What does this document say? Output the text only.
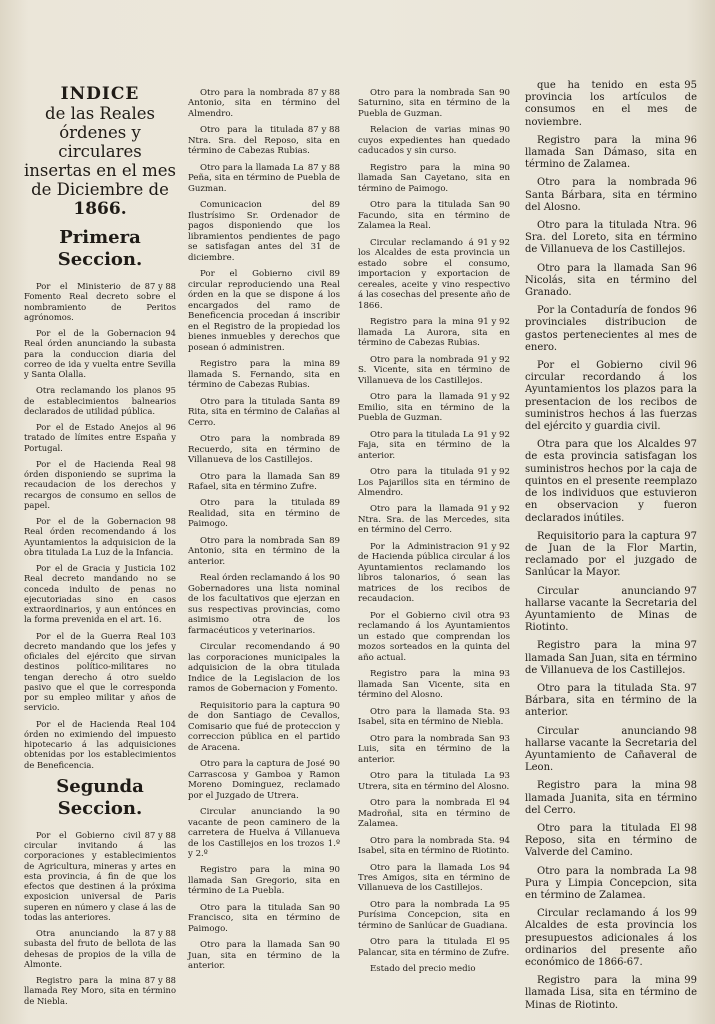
INDICE
de las Reales órdenes y circulares insertas en el mes de Diciembre de
1866.
Primera Seccion.
87 y 88
Por el Ministerio de Fomento Real decreto sobre el nombramiento de Peritos agrónomos.
94
Por el de la Gobernacion Real órden anunciando la subasta para la conduccion diaria del correo de ida y vuelta entre Sevilla y Santa Olalla.
95
Otra reclamando los planos de establecimientos balnearios declarados de utilidad pública.
96
Por el de Estado Anejos al tratado de límites entre España y Portugal.
98
Por el de Hacienda Real órden disponiendo se suprima la recaudacion de los derechos y recargos de consumo en sellos de papel.
98
Por el de la Gobernacion Real órden recomendando á los Ayuntamientos la adquisicion de la obra titulada La Luz de la Infancia.
102
Por el de Gracia y Justicia Real decreto mandando no se conceda indulto de penas no ejecutoriadas sino en casos extraordinarios, y aun entónces en la forma prevenida en el art. 16.
103
Por el de la Guerra Real decreto mandando que los jefes y oficiales del ejército que sirvan destinos político-militares no tengan derecho á otro sueldo pasivo que el que le corresponda por su empleo militar y años de servicio.
104
Por el de Hacienda Real órden no eximiendo del impuesto hipotecario á las adquisiciones obtenidas por los establecimientos de Beneficencia.
Segunda Seccion.
87 y 88
Por el Gobierno civil circular invitando á las corporaciones y establecimientos de Agricultura, mineras y artes en esta provincia, á fin de que los efectos que destinen á la próxima exposicion universal de Paris superen en número y clase á las de todas las anteriores.
87 y 88
Otra anunciando la subasta del fruto de bellota de las dehesas de propios de la villa de Almonte.
87 y 88
Registro para la mina llamada Rey Moro, sita en término de Niebla.
87 y 88
Otro para la nombrada Antonio, sita en término del Almendro.
87 y 88
Otro para la titulada Ntra. Sra. del Reposo, sita en término de Cabezas Rubias.
87 y 88
Otro para la llamada La Peña, sita en término de Puebla de Guzman.
89
Comunicacion del Ilustrísimo Sr. Ordenador de pagos disponiendo que los libramientos pendientes de pago se satisfagan antes del 31 de diciembre.
89
Por el Gobierno civil circular reproduciendo una Real órden en la que se dispone á los encargados del ramo de Beneficencia procedan á inscribir en el Registro de la propiedad los bienes inmuebles y derechos que posean ó administren.
89
Registro para la mina llamada S. Fernando, sita en término de Cabezas Rubias.
89
Otro para la titulada Santa Rita, sita en término de Calañas al Cerro.
89
Otro para la nombrada Recuerdo, sita en término de Villanueva de los Castillejos.
89
Otro para la llamada San Rafael, sita en término Zufre.
89
Otro para la titulada Realidad, sita en término de Paimogo.
89
Otro para la nombrada San Antonio, sita en término de la anterior.
90
Real órden reclamando á los Gobernadores una lista nominal de los facultativos que ejerzan en sus respectivas provincias, como asimismo otra de los farmacéuticos y veterinarios.
90
Circular recomendando á las corporaciones municipales la adquisicion de la obra titulada Indice de la Legislacion de los ramos de Gobernacion y Fomento.
90
Requisitorio para la captura de don Santiago de Cevallos, Comisario que fué de proteccion y correccion pública en el partido de Aracena.
90
Otro para la captura de José Carrascosa y Gamboa y Ramon Moreno Dominguez, reclamado por el Juzgado de Utrera.
90
Circular anunciando la vacante de peon caminero de la carretera de Huelva á Villanueva de los Castillejos en los trozos 1.º y 2.º
90
Registro para la mina llamada San Gregorio, sita en término de La Puebla.
90
Otro para la titulada San Francisco, sita en término de Paimogo.
90
Otro para la llamada San Juan, sita en término de la anterior.
90
Otro para la nombrada San Saturnino, sita en término de la Puebla de Guzman.
90
Relacion de varias minas cuyos expedientes han quedado caducados y sin curso.
90
Registro para la mina llamada San Cayetano, sita en término de Paimogo.
90
Otro para la titulada San Facundo, sita en término de Zalamea la Real.
91 y 92
Circular reclamando á los Alcaldes de esta provincia un estado sobre el consumo, importacion y exportacion de cereales, aceite y vino respectivo á las cosechas del presente año de 1866.
91 y 92
Registro para la mina llamada La Aurora, sita en término de Cabezas Rubias.
91 y 92
Otro para la nombrada S. Vicente, sita en término de Villanueva de los Castillejos.
91 y 92
Otro para la llamada Emilio, sita en término de la Puebla de Guzman.
91 y 92
Otro para la titulada La Faja, sita en término de la anterior.
91 y 92
Otro para la titulada Los Pajarillos sita en término de Almendro.
91 y 92
Otro para la llamada Ntra. Sra. de las Mercedes, sita en término del Cerro.
91 y 92
Por la Administracion de Hacienda pública circular á los Ayuntamientos reclamando los libros talonarios, ó sean las matrices de los recibos de recaudacion.
93
Por el Gobierno civil otra reclamando á los Ayuntamientos un estado que comprendan los mozos sorteados en la quinta del año actual.
93
Registro para la mina llamada San Vicente, sita en término del Alosno.
93
Otro para la llamada Sta. Isabel, sita en término de Niebla.
93
Otro para la nombrada San Luis, sita en término de la anterior.
93
Otro para la titulada La Utrera, sita en término del Alosno.
94
Otro para la nombrada El Madroñal, sita en término de Zalamea.
94
Otro para la nombrada Sta. Isabel, sita en término de Riotinto.
94
Otro para la llamada Los Tres Amigos, sita en término de Villanueva de los Castillejos.
95
Otro para la nombrada La Purísima Concepcion, sita en término de Sanlúcar de Guadiana.
95
Otro para la titulada El Palancar, sita en término de Zufre.
Estado del precio medio
95
que ha tenido en esta provincia los artículos de consumos en el mes de noviembre.
96
Registro para la mina llamada San Dámaso, sita en término de Zalamea.
96
Otro para la nombrada Santa Bárbara, sita en término del Alosno.
96
Otro para la titulada Ntra. Sra. del Loreto, sita en término de Villanueva de los Castillejos.
96
Otro para la llamada San Nicolás, sita en término del Granado.
96
Por la Contaduría de fondos provinciales distribucion de gastos pertenecientes al mes de enero.
96
Por el Gobierno civil circular recordando á los Ayuntamientos los plazos para la presentacion de los recibos de suministros hechos á las fuerzas del ejército y guardia civil.
97
Otra para que los Alcaldes de esta provincia satisfagan los suministros hechos por la caja de quintos en el presente reemplazo de los individuos que estuvieron en observacion y fueron declarados inútiles.
97
Requisitorio para la captura de Juan de la Flor Martin, reclamado por el juzgado de Sanlúcar la Mayor.
97
Circular anunciando hallarse vacante la Secretaria del Ayuntamiento de Minas de Riotinto.
97
Registro para la mina llamada San Juan, sita en término de Villanueva de los Castillejos.
97
Otro para la titulada Sta. Bárbara, sita en término de la anterior.
98
Circular anunciando hallarse vacante la Secretaria del Ayuntamiento de Cañaveral de Leon.
98
Registro para la mina llamada Juanita, sita en término del Cerro.
98
Otro para la titulada El Reposo, sita en término de Valverde del Camino.
98
Otro para la nombrada La Pura y Limpia Concepcion, sita en término de Zalamea.
99
Circular reclamando á los Alcaldes de esta provincia los presupuestos adicionales á los ordinarios del presente año económico de 1866-67.
99
Registro para la mina llamada Lisa, sita en término de Minas de Riotinto.
